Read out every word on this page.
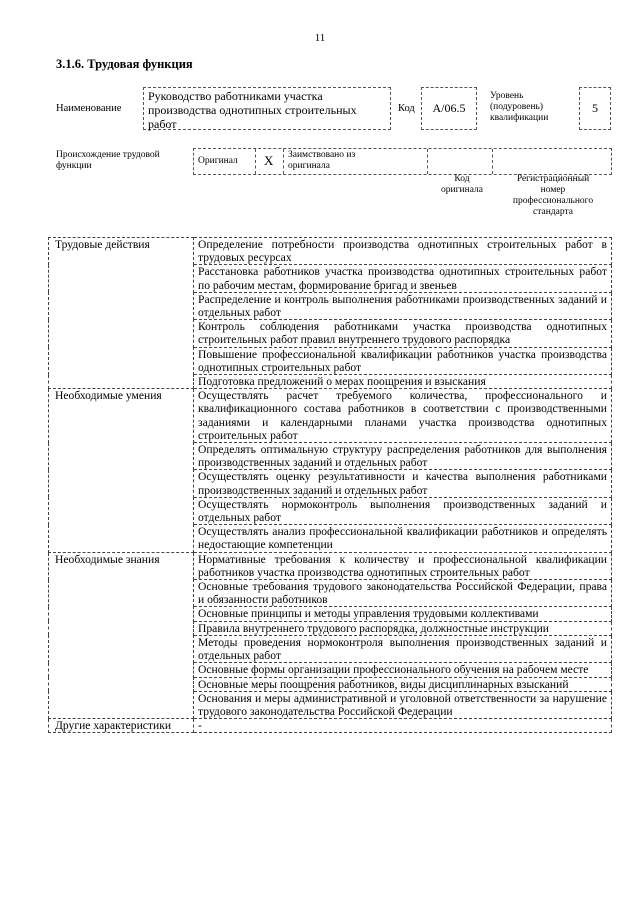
11
3.1.6. Трудовая функция
Наименование
Руководство работниками участка производства однотипных строительных работ
Код A/06.5
Уровень
(подуровень)
квалификации
5
Происхождение трудовой
функции	Оригинал X Заимствовано из
оригинала
Код
оригинала
Регистрационный
номер
профессионального
стандарта
Трудовые действия	Определение потребности производства однотипных строительных работ в трудовых ресурсах
	Расстановка работников участка производства однотипных строительных работ по рабочим местам, формирование бригад и звеньев
	Распределение и контроль выполнения работниками производственных заданий и отдельных работ
	Контроль соблюдения работниками участка производства однотипных строительных работ правил внутреннего трудового распорядка
	Повышение профессиональной квалификации работников участка производства однотипных строительных работ
	Подготовка предложений о мерах поощрения и взыскания
Необходимые умения	Осуществлять расчет требуемого количества, профессионального и квалификационного состава работников в соответствии с производственными заданиями и календарными планами участка производства однотипных строительных работ
	Определять оптимальную структуру распределения работников для выполнения производственных заданий и отдельных работ
	Осуществлять оценку результативности и качества выполнения работниками производственных заданий и отдельных работ
	Осуществлять нормоконтроль выполнения производственных заданий и отдельных работ
	Осуществлять анализ профессиональной квалификации работников и определять недостающие компетенции
Необходимые знания	Нормативные требования к количеству и профессиональной квалификации работников участка производства однотипных строительных работ
	Основные требования трудового законодательства Российской Федерации, права и обязанности работников
	Основные принципы и методы управления трудовыми коллективами
	Правила внутреннего трудового распорядка, должностные инструкции
	Методы проведения нормоконтроля выполнения производственных заданий и отдельных работ
	Основные формы организации профессионального обучения на рабочем месте
	Основные меры поощрения работников, виды дисциплинарных взысканий
	Основания и меры административной и уголовной ответственности за нарушение трудового законодательства Российской Федерации
Другие характеристики	-
